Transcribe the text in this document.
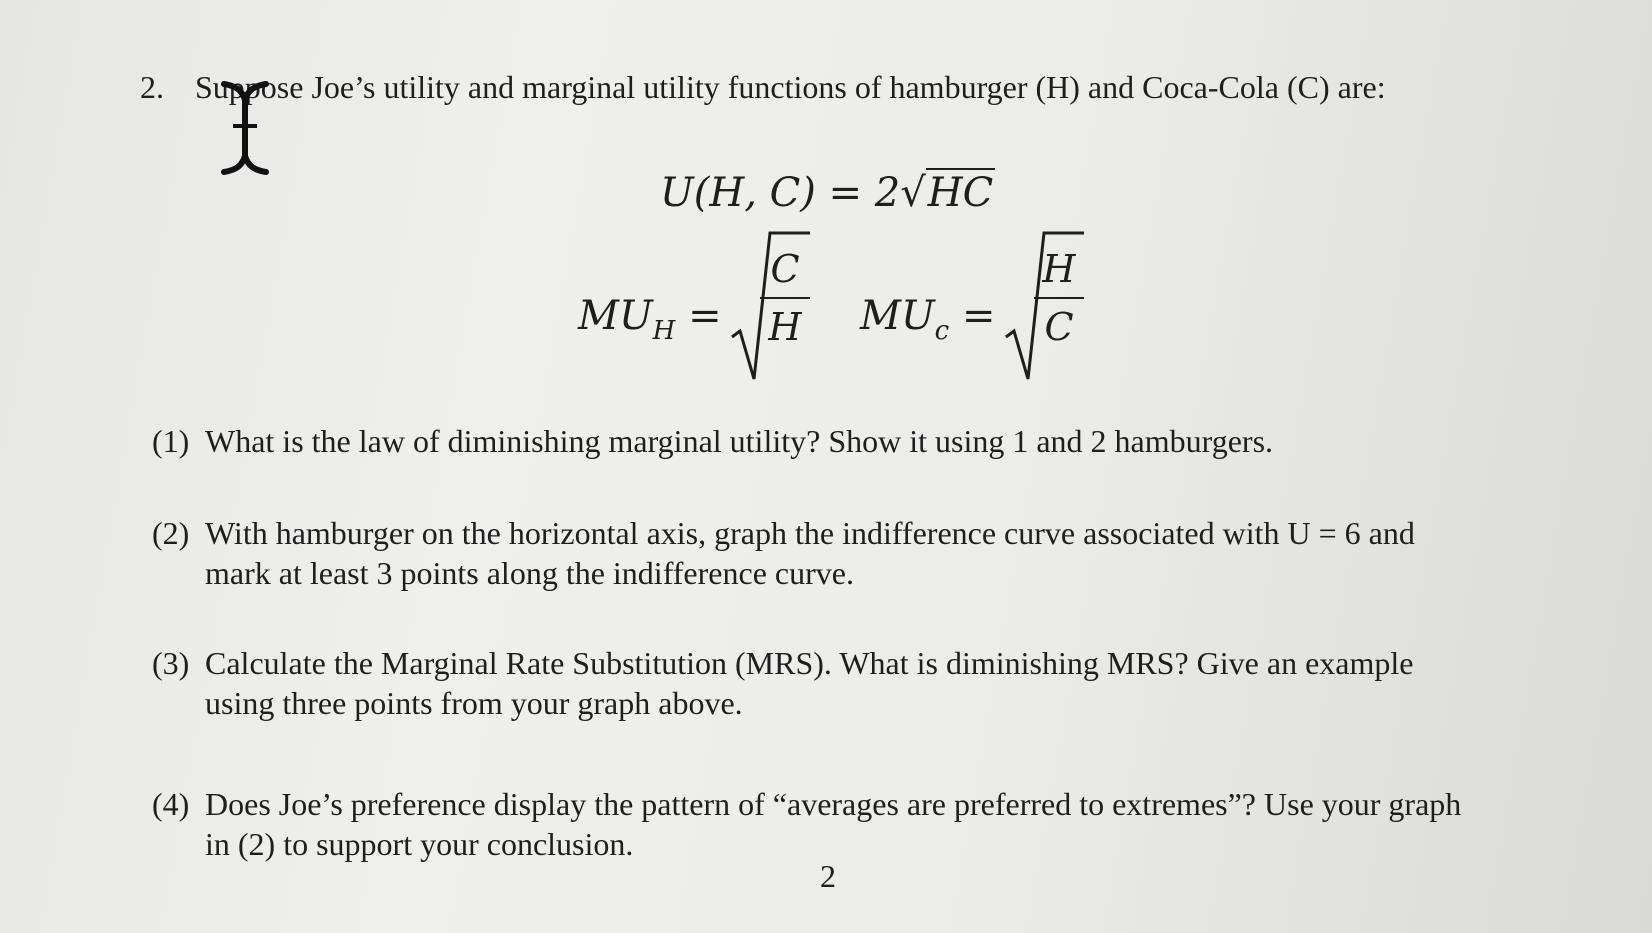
2. Suppose Joe’s utility and marginal utility functions of hamburger (H) and Coca-Cola (C) are:
U(H, C) = 2√HC
$MU_H$ =
C
H $MU_c$ =
H
C
(1) What is the law of diminishing marginal utility? Show it using 1 and 2 hamburgers.
(2) With hamburger on the horizontal axis, graph the indifference curve associated with U = 6 and
mark at least 3 points along the indifference curve.
(3) Calculate the Marginal Rate Substitution (MRS). What is diminishing MRS? Give an example
using three points from your graph above.
(4) Does Joe’s preference display the pattern of “averages are preferred to extremes”? Use your graph
in (2) to support your conclusion.
2
